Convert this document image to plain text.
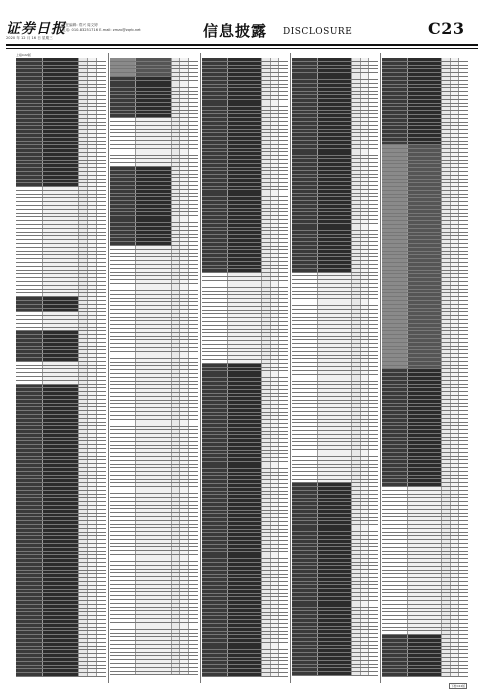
证券日报
责任编辑: 郑兴 周文婷
电话: 010-83251716 E-mail: zmzx@zqrb.net
2020 年 12 月 16 日 星期三	信息披露 DISCLOSURE	C23
上接C22版
下转C24版
